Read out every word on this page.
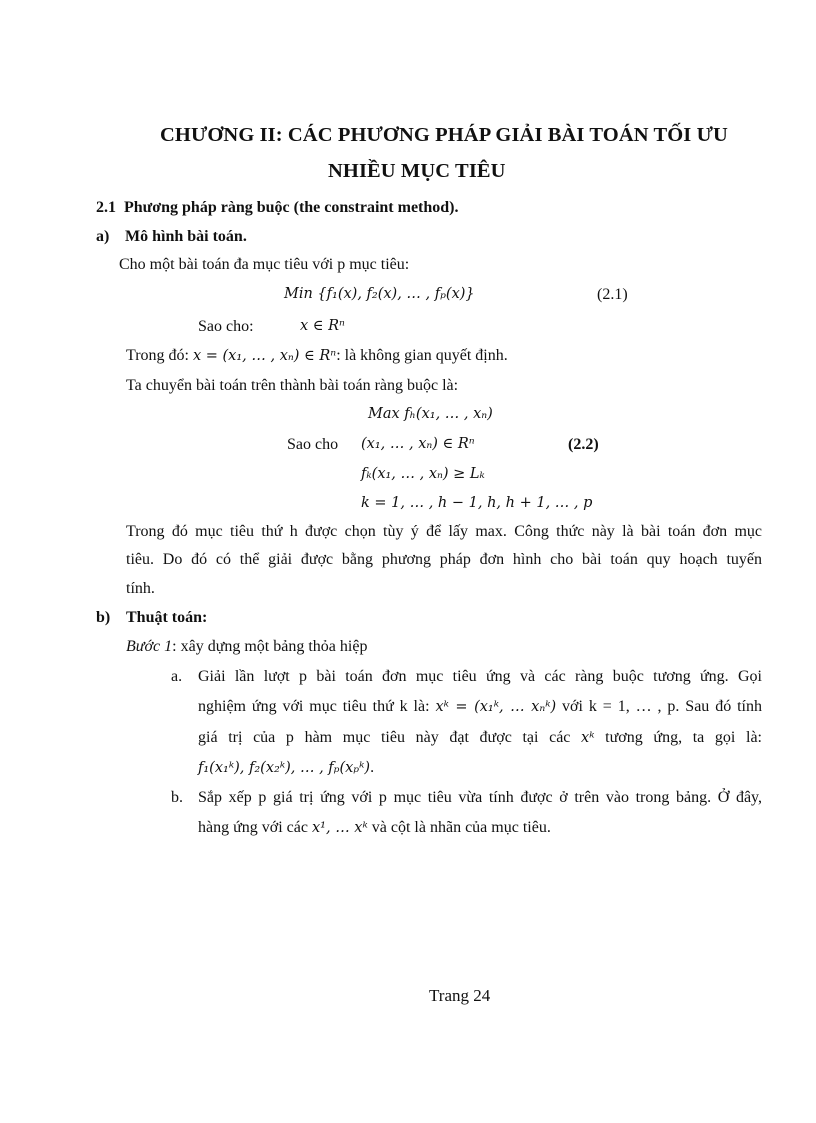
CHƯƠNG II: CÁC PHƯƠNG PHÁP GIẢI BÀI TOÁN TỐI ƯU
NHIỀU MỤC TIÊU
2.1 Phương pháp ràng buộc (the constraint method).
a) Mô hình bài toán.
Cho một bài toán đa mục tiêu với p mục tiêu:
Min {f₁(x), f₂(x), … , fₚ(x)}	(2.1)
Sao cho:	x ∈ Rⁿ
Trong đó: x = (x₁, … , xₙ) ∈ Rⁿ: là không gian quyết định.
Ta chuyển bài toán trên thành bài toán ràng buộc là:
Max fₕ(x₁, … , xₙ)
Sao cho (x₁, … , xₙ) ∈ Rⁿ	(2.2)
fₖ(x₁, … , xₙ) ≥ Lₖ
k = 1, … , h − 1, h, h + 1, … , p
Trong đó mục tiêu thứ h được chọn tùy ý để lấy max. Công thức này là bài toán đơn mục
tiêu. Do đó có thể giải được bằng phương pháp đơn hình cho bài toán quy hoạch tuyến
tính.
b) Thuật toán:
Bước 1: xây dựng một bảng thỏa hiệp
a. Giải lần lượt p bài toán đơn mục tiêu ứng và các ràng buộc tương ứng. Gọi
nghiệm ứng với mục tiêu thứ k là: xᵏ = (x₁ᵏ, … xₙᵏ) với k = 1, … , p. Sau đó tính
giá trị của p hàm mục tiêu này đạt được tại các xᵏ tương ứng, ta gọi là:
f₁(x₁ᵏ), f₂(x₂ᵏ), … , fₚ(xₚᵏ).
b. Sắp xếp p giá trị ứng với p mục tiêu vừa tính được ở trên vào trong bảng. Ở đây,
hàng ứng với các x¹, … xᵏ và cột là nhãn của mục tiêu.
Trang 24
